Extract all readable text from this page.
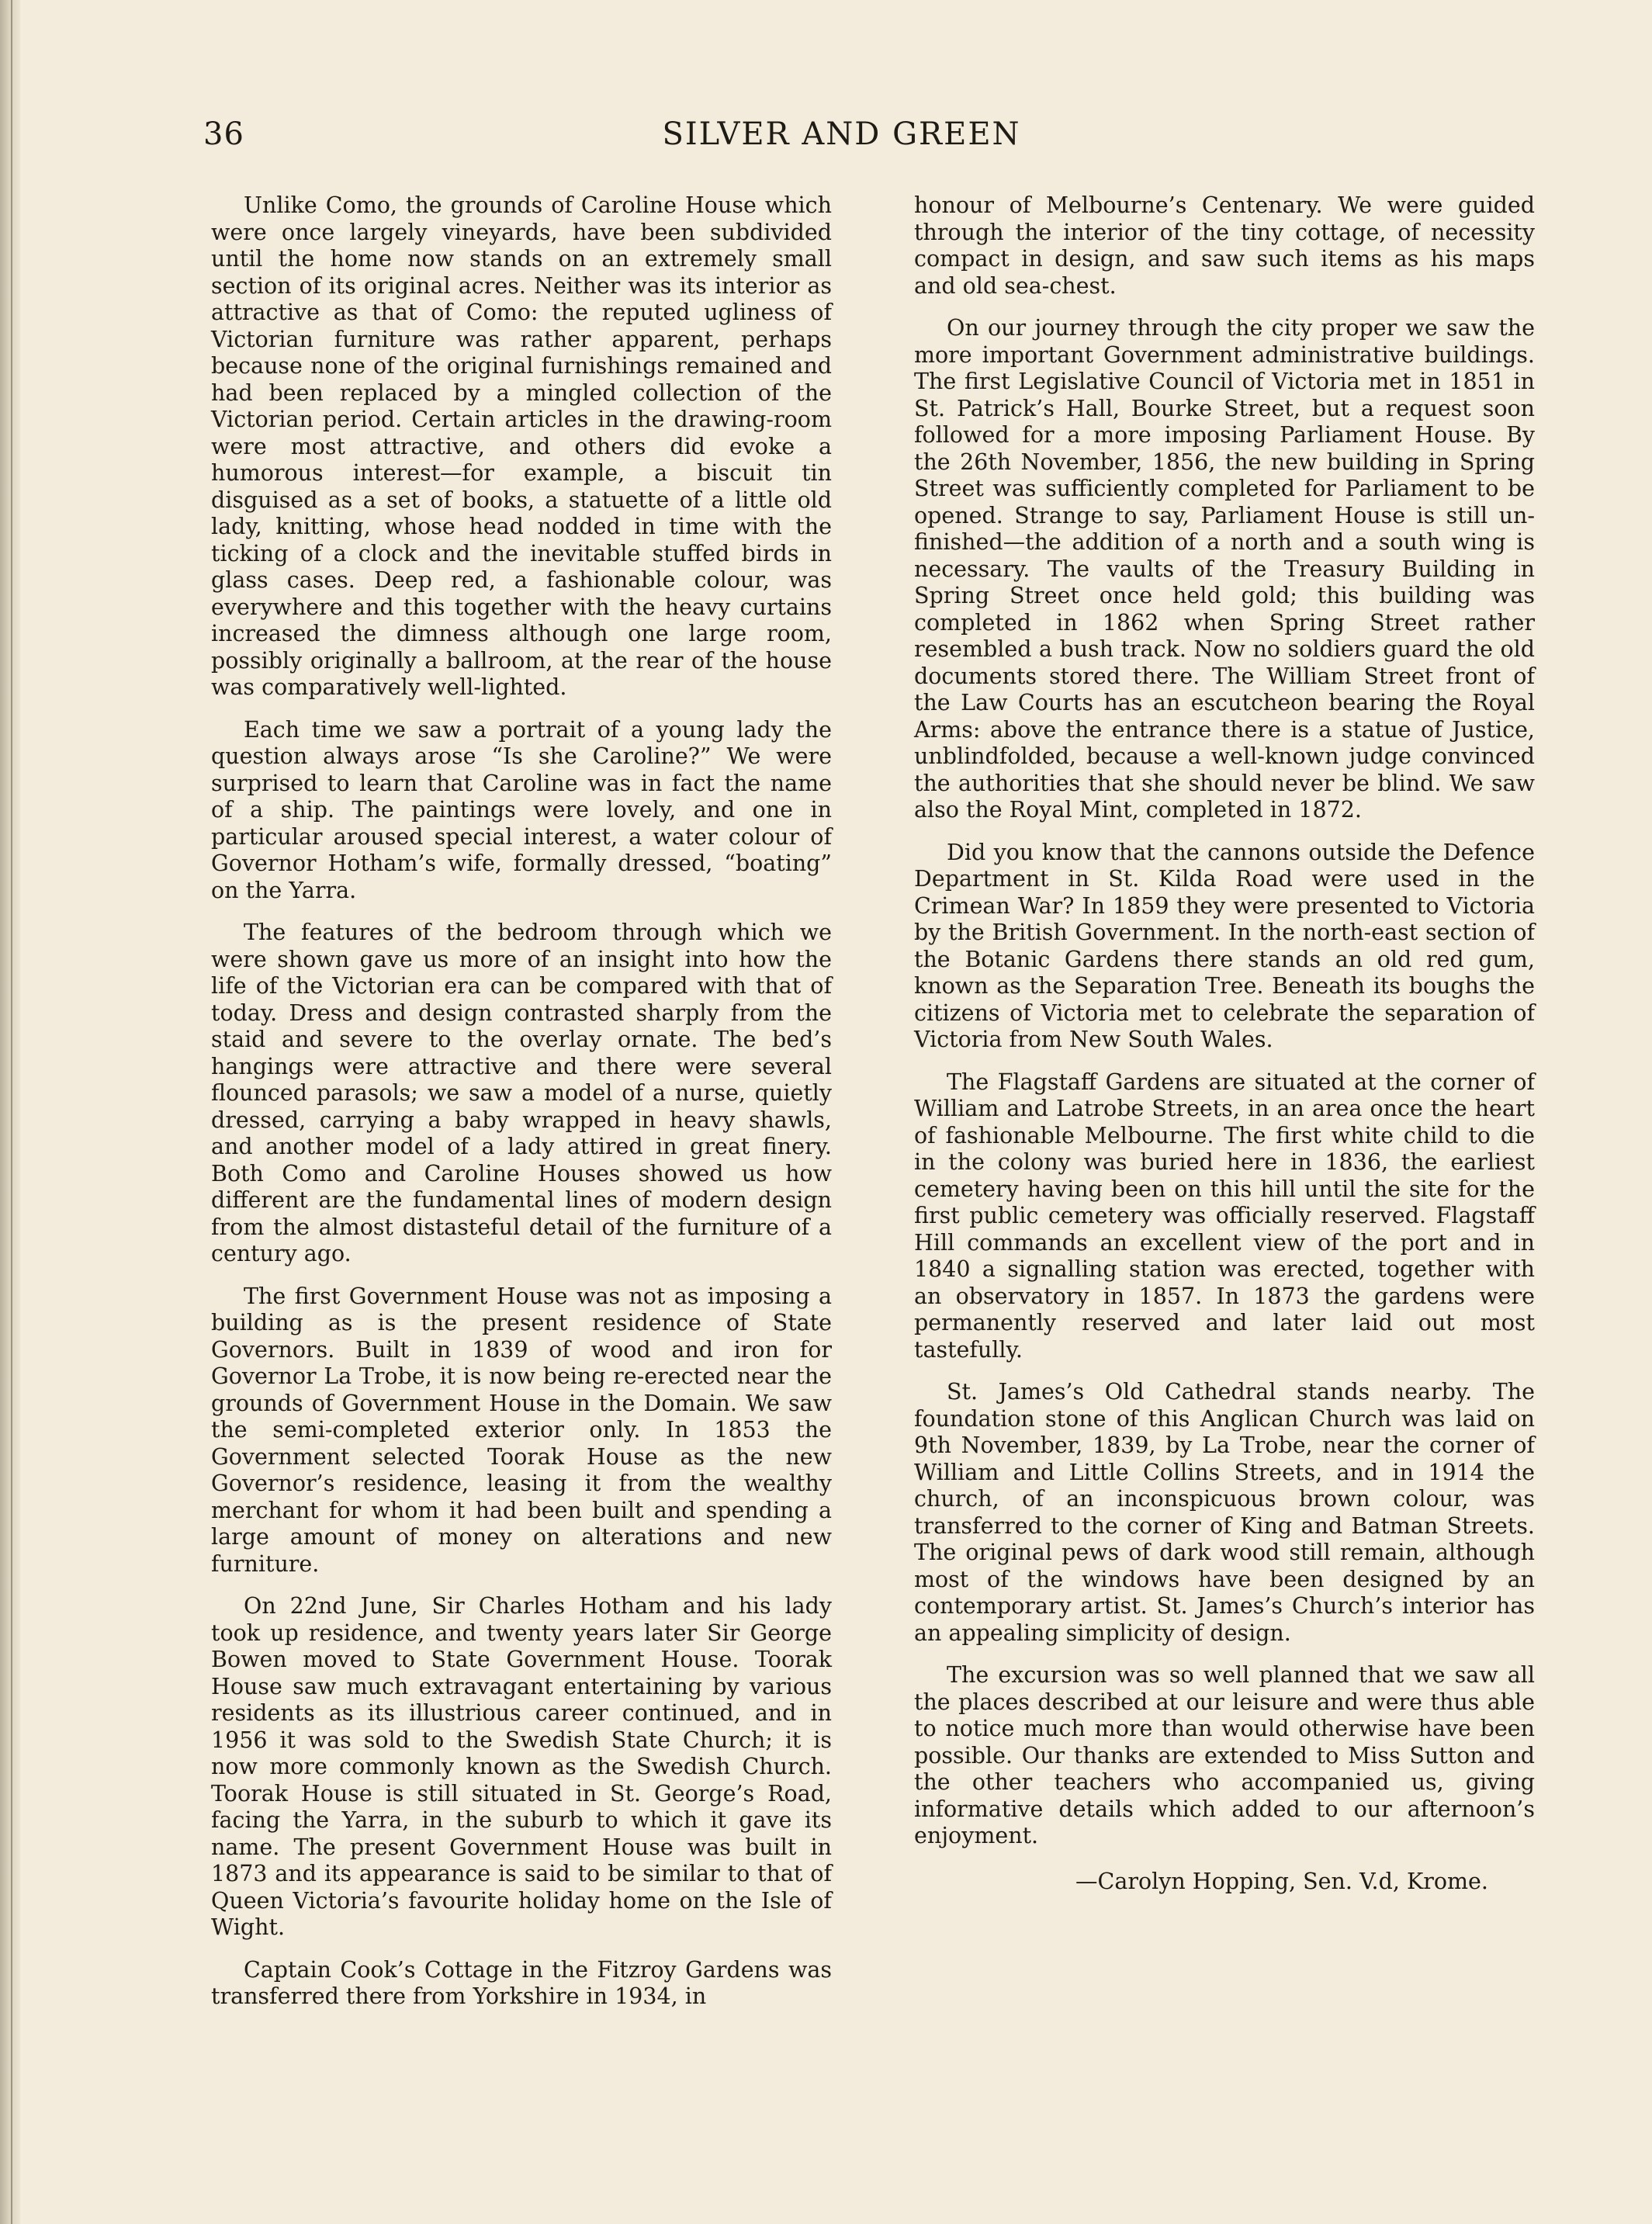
36	SILVER AND GREEN

Unlike Como, the grounds of Caroline House which were once largely vineyards, have been subdivided until the home now stands on an extremely small section of its original acres. Neither was its interior as attractive as that of Como: the reputed ugliness of Victorian furniture was rather apparent, perhaps because none of the original furnishings remained and had been replaced by a mingled collection of the Victorian period. Certain articles in the drawing-room were most attractive, and others did evoke a humorous interest—for example, a biscuit tin disguised as a set of books, a statuette of a little old lady, knitting, whose head nodded in time with the ticking of a clock and the inevitable stuffed birds in glass cases. Deep red, a fashionable colour, was everywhere and this together with the heavy curtains increased the dimness although one large room, possibly originally a ballroom, at the rear of the house was comparatively well-lighted.

Each time we saw a portrait of a young lady the question always arose “Is she Caroline?” We were surprised to learn that Caroline was in fact the name of a ship. The paintings were lovely, and one in particular aroused special interest, a water colour of Governor Hotham’s wife, formally dressed, “boating” on the Yarra.

The features of the bedroom through which we were shown gave us more of an insight into how the life of the Victorian era can be compared with that of today. Dress and design contrasted sharply from the staid and severe to the overlay ornate. The bed’s hangings were attractive and there were several flounced parasols; we saw a model of a nurse, quietly dressed, carrying a baby wrapped in heavy shawls, and another model of a lady attired in great finery. Both Como and Caroline Houses showed us how different are the fundamental lines of modern design from the almost distasteful detail of the furniture of a century ago.

The first Government House was not as imposing a building as is the present residence of State Governors. Built in 1839 of wood and iron for Governor La Trobe, it is now being re-erected near the grounds of Government House in the Domain. We saw the semi-completed exterior only. In 1853 the Government selected Toorak House as the new Governor’s residence, leasing it from the wealthy merchant for whom it had been built and spending a large amount of money on alterations and new furniture.

On 22nd June, Sir Charles Hotham and his lady took up residence, and twenty years later Sir George Bowen moved to State Government House. Toorak House saw much extravagant entertaining by various residents as its illustrious career continued, and in 1956 it was sold to the Swedish State Church; it is now more commonly known as the Swedish Church. Toorak House is still situated in St. George’s Road, facing the Yarra, in the suburb to which it gave its name. The present Government House was built in 1873 and its appearance is said to be similar to that of Queen Victoria’s favourite holiday home on the Isle of Wight.

Captain Cook’s Cottage in the Fitzroy Gardens was transferred there from Yorkshire in 1934, in

honour of Melbourne’s Centenary. We were guided through the interior of the tiny cottage, of necessity compact in design, and saw such items as his maps and old sea-chest.

On our journey through the city proper we saw the more important Government administrative buildings. The first Legislative Council of Victoria met in 1851 in St. Patrick’s Hall, Bourke Street, but a request soon followed for a more imposing Parliament House. By the 26th November, 1856, the new building in Spring Street was sufficiently completed for Parliament to be opened. Strange to say, Parliament House is still unfinished—the addition of a north and a south wing is necessary. The vaults of the Treasury Building in Spring Street once held gold; this building was completed in 1862 when Spring Street rather resembled a bush track. Now no soldiers guard the old documents stored there. The William Street front of the Law Courts has an escutcheon bearing the Royal Arms: above the entrance there is a statue of Justice, unblindfolded, because a well-known judge convinced the authorities that she should never be blind. We saw also the Royal Mint, completed in 1872.

Did you know that the cannons outside the Defence Department in St. Kilda Road were used in the Crimean War? In 1859 they were presented to Victoria by the British Government. In the north-east section of the Botanic Gardens there stands an old red gum, known as the Separation Tree. Beneath its boughs the citizens of Victoria met to celebrate the separation of Victoria from New South Wales.

The Flagstaff Gardens are situated at the corner of William and Latrobe Streets, in an area once the heart of fashionable Melbourne. The first white child to die in the colony was buried here in 1836, the earliest cemetery having been on this hill until the site for the first public cemetery was officially reserved. Flagstaff Hill commands an excellent view of the port and in 1840 a signalling station was erected, together with an observatory in 1857. In 1873 the gardens were permanently reserved and later laid out most tastefully.

St. James’s Old Cathedral stands nearby. The foundation stone of this Anglican Church was laid on 9th November, 1839, by La Trobe, near the corner of William and Little Collins Streets, and in 1914 the church, of an inconspicuous brown colour, was transferred to the corner of King and Batman Streets. The original pews of dark wood still remain, although most of the windows have been designed by an contemporary artist. St. James’s Church’s interior has an appealing simplicity of design.

The excursion was so well planned that we saw all the places described at our leisure and were thus able to notice much more than would otherwise have been possible. Our thanks are extended to Miss Sutton and the other teachers who accompanied us, giving informative details which added to our afternoon’s enjoyment.

—Carolyn Hopping, Sen. V.d, Krome.
